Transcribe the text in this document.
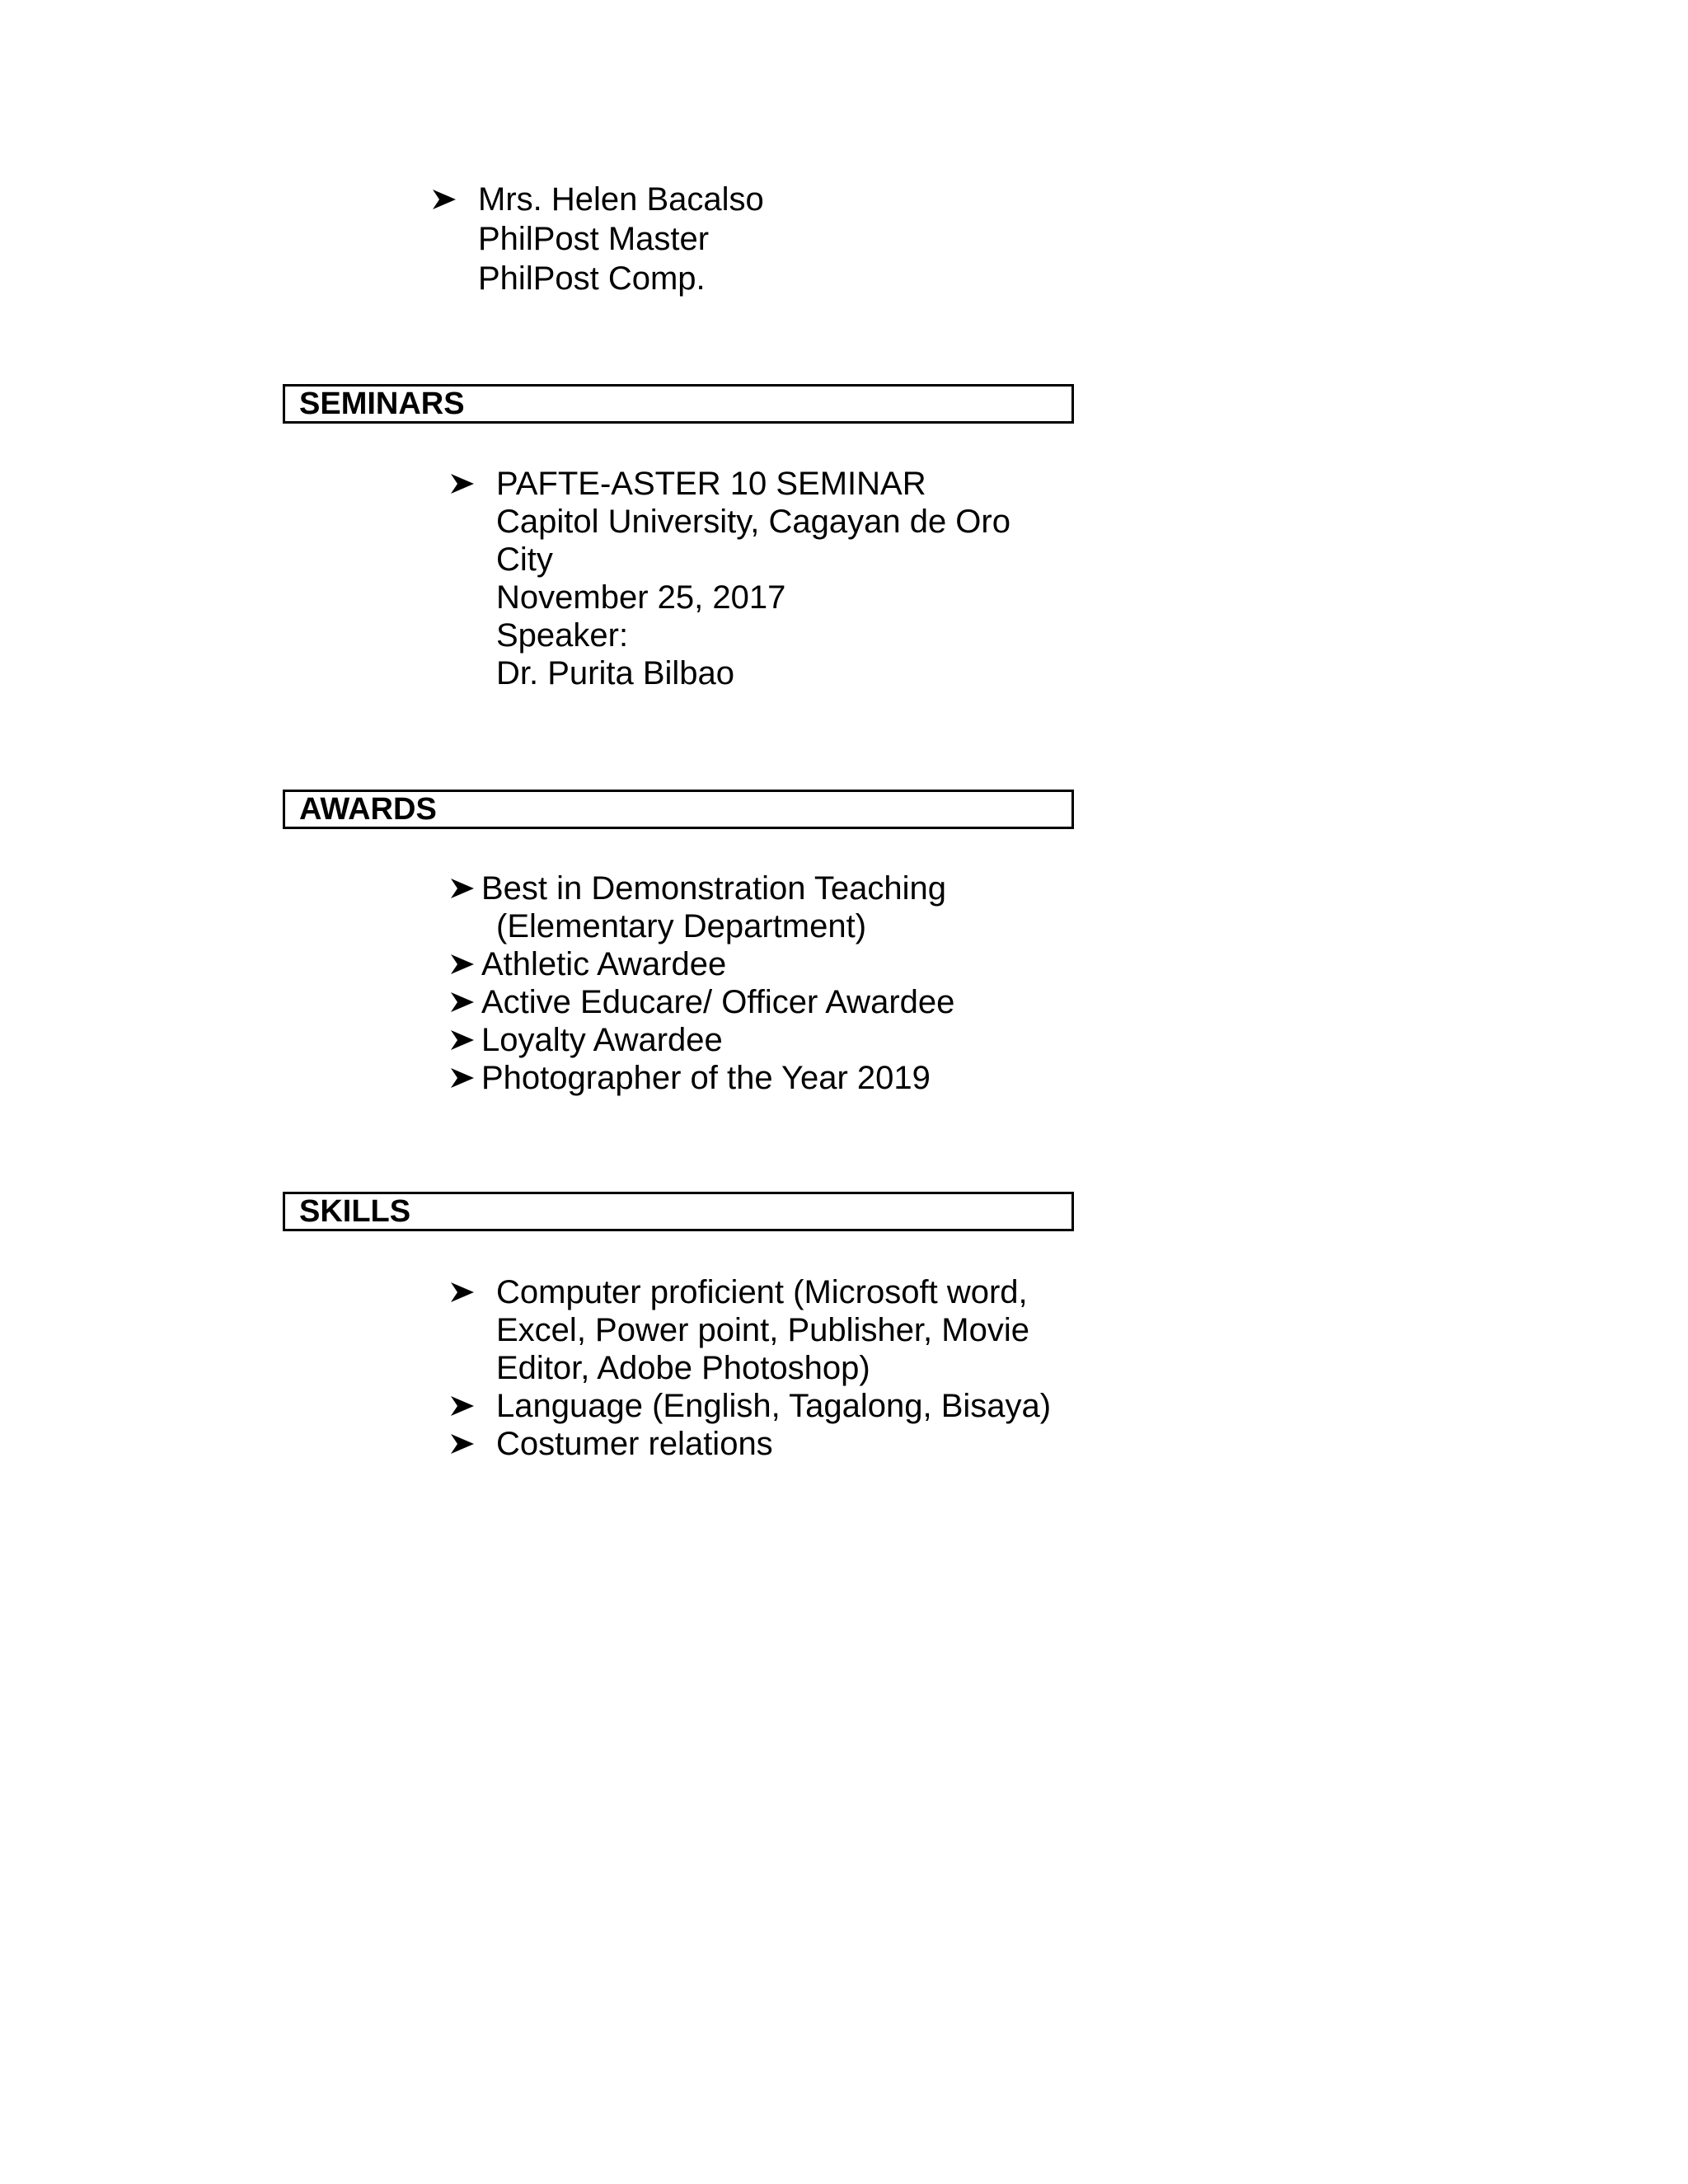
Mrs. Helen Bacalso
PhilPost Master
PhilPost Comp.
SEMINARS
PAFTE-ASTER 10 SEMINAR
Capitol University, Cagayan de Oro
City
November 25, 2017
Speaker:
Dr. Purita Bilbao
AWARDS
Best in Demonstration Teaching
(Elementary Department)
Athletic Awardee
Active Educare/ Officer Awardee
Loyalty Awardee
Photographer of the Year 2019
SKILLS
Computer proficient (Microsoft word,
Excel, Power point, Publisher, Movie
Editor, Adobe Photoshop)
Language (English, Tagalong, Bisaya)
Costumer relations
